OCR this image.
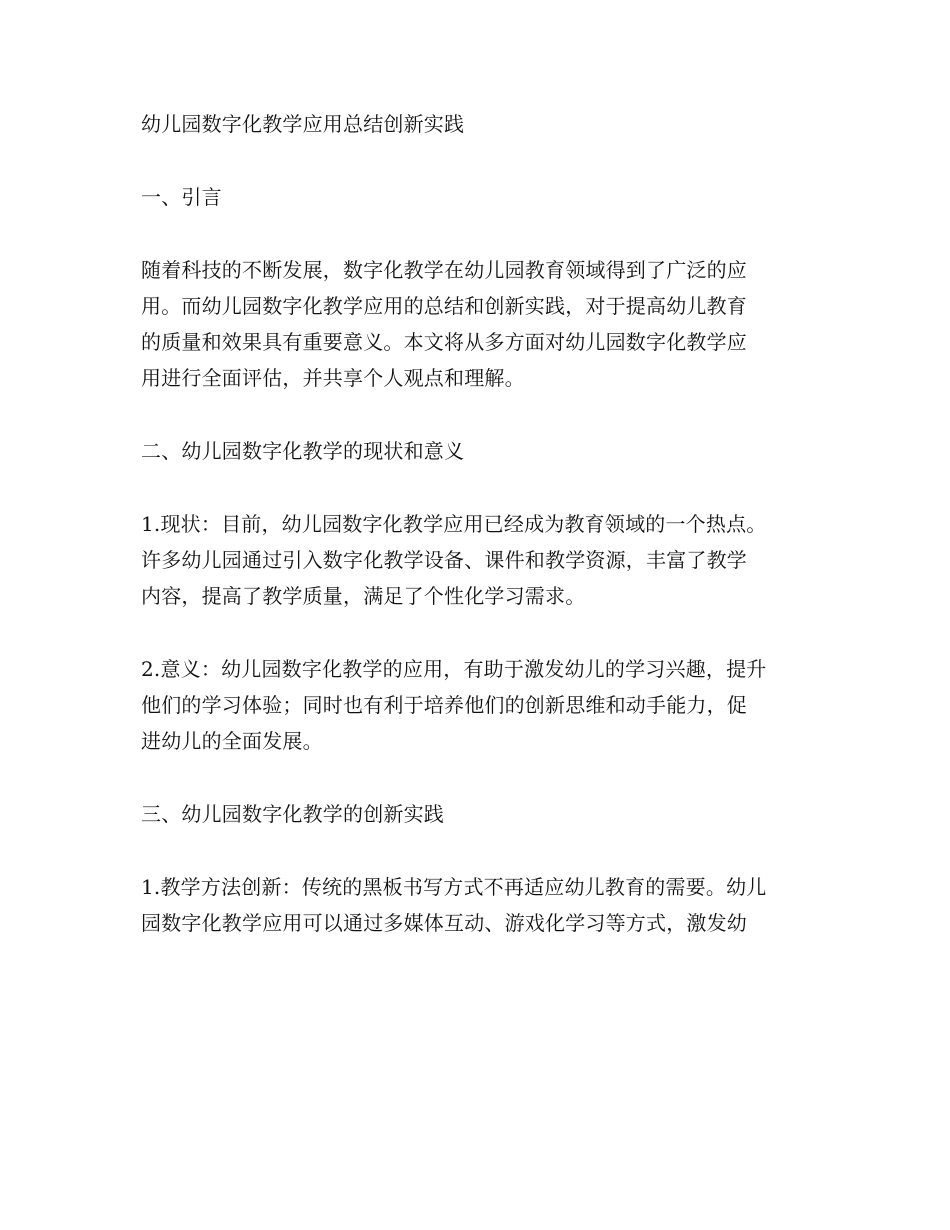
幼儿园数字化教学应用总结创新实践
一、引言
随着科技的不断发展，数字化教学在幼儿园教育领域得到了广泛的应
用。而幼儿园数字化教学应用的总结和创新实践，对于提高幼儿教育
的质量和效果具有重要意义。本文将从多方面对幼儿园数字化教学应
用进行全面评估，并共享个人观点和理解。
二、幼儿园数字化教学的现状和意义
1.现状：目前，幼儿园数字化教学应用已经成为教育领域的一个热点。
许多幼儿园通过引入数字化教学设备、课件和教学资源，丰富了教学
内容，提高了教学质量，满足了个性化学习需求。
2.意义：幼儿园数字化教学的应用，有助于激发幼儿的学习兴趣，提升
他们的学习体验；同时也有利于培养他们的创新思维和动手能力，促
进幼儿的全面发展。
三、幼儿园数字化教学的创新实践
1.教学方法创新：传统的黑板书写方式不再适应幼儿教育的需要。幼儿
园数字化教学应用可以通过多媒体互动、游戏化学习等方式，激发幼
